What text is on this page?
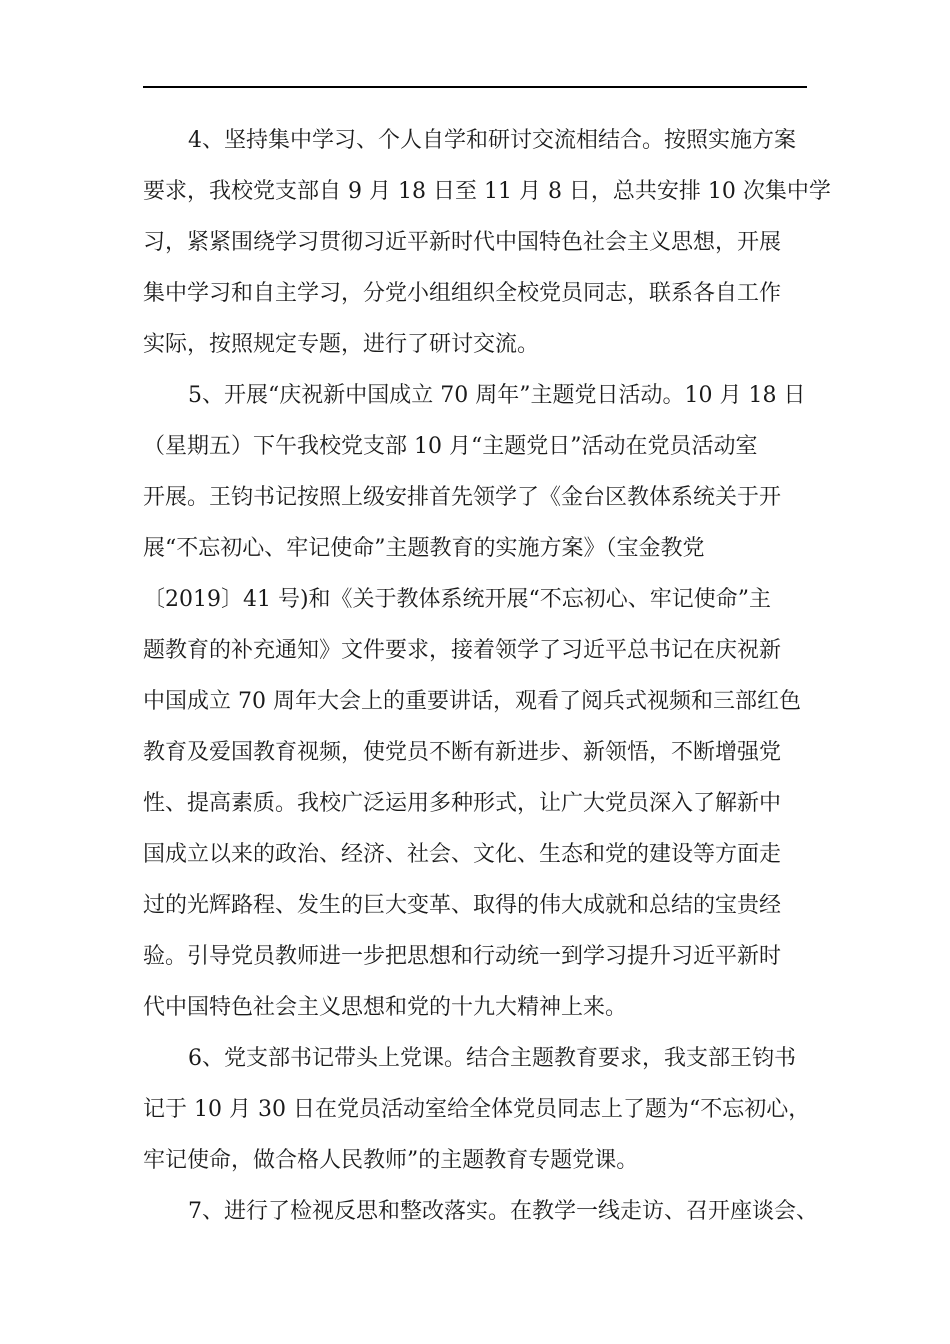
4、坚持集中学习、个人自学和研讨交流相结合。按照实施方案
要求，我校党支部自 9 月 18 日至 11 月 8 日，总共安排 10 次集中学
习，紧紧围绕学习贯彻习近平新时代中国特色社会主义思想，开展
集中学习和自主学习，分党小组组织全校党员同志，联系各自工作
实际，按照规定专题，进行了研讨交流。
5、开展“庆祝新中国成立 70 周年”主题党日活动。10 月 18 日
（星期五）下午我校党支部 10 月“主题党日”活动在党员活动室
开展。王钧书记按照上级安排首先领学了《金台区教体系统关于开
展“不忘初心、牢记使命”主题教育的实施方案》（宝金教党
〔2019〕41 号)和《关于教体系统开展“不忘初心、牢记使命”主
题教育的补充通知》文件要求，接着领学了习近平总书记在庆祝新
中国成立 70 周年大会上的重要讲话，观看了阅兵式视频和三部红色
教育及爱国教育视频，使党员不断有新进步、新领悟，不断增强党
性、提高素质。我校广泛运用多种形式，让广大党员深入了解新中
国成立以来的政治、经济、社会、文化、生态和党的建设等方面走
过的光辉路程、发生的巨大变革、取得的伟大成就和总结的宝贵经
验。引导党员教师进一步把思想和行动统一到学习提升习近平新时
代中国特色社会主义思想和党的十九大精神上来。
6、党支部书记带头上党课。结合主题教育要求，我支部王钧书
记于 10 月 30 日在党员活动室给全体党员同志上了题为“不忘初心，
牢记使命，做合格人民教师”的主题教育专题党课。
7、进行了检视反思和整改落实。在教学一线走访、召开座谈会、
